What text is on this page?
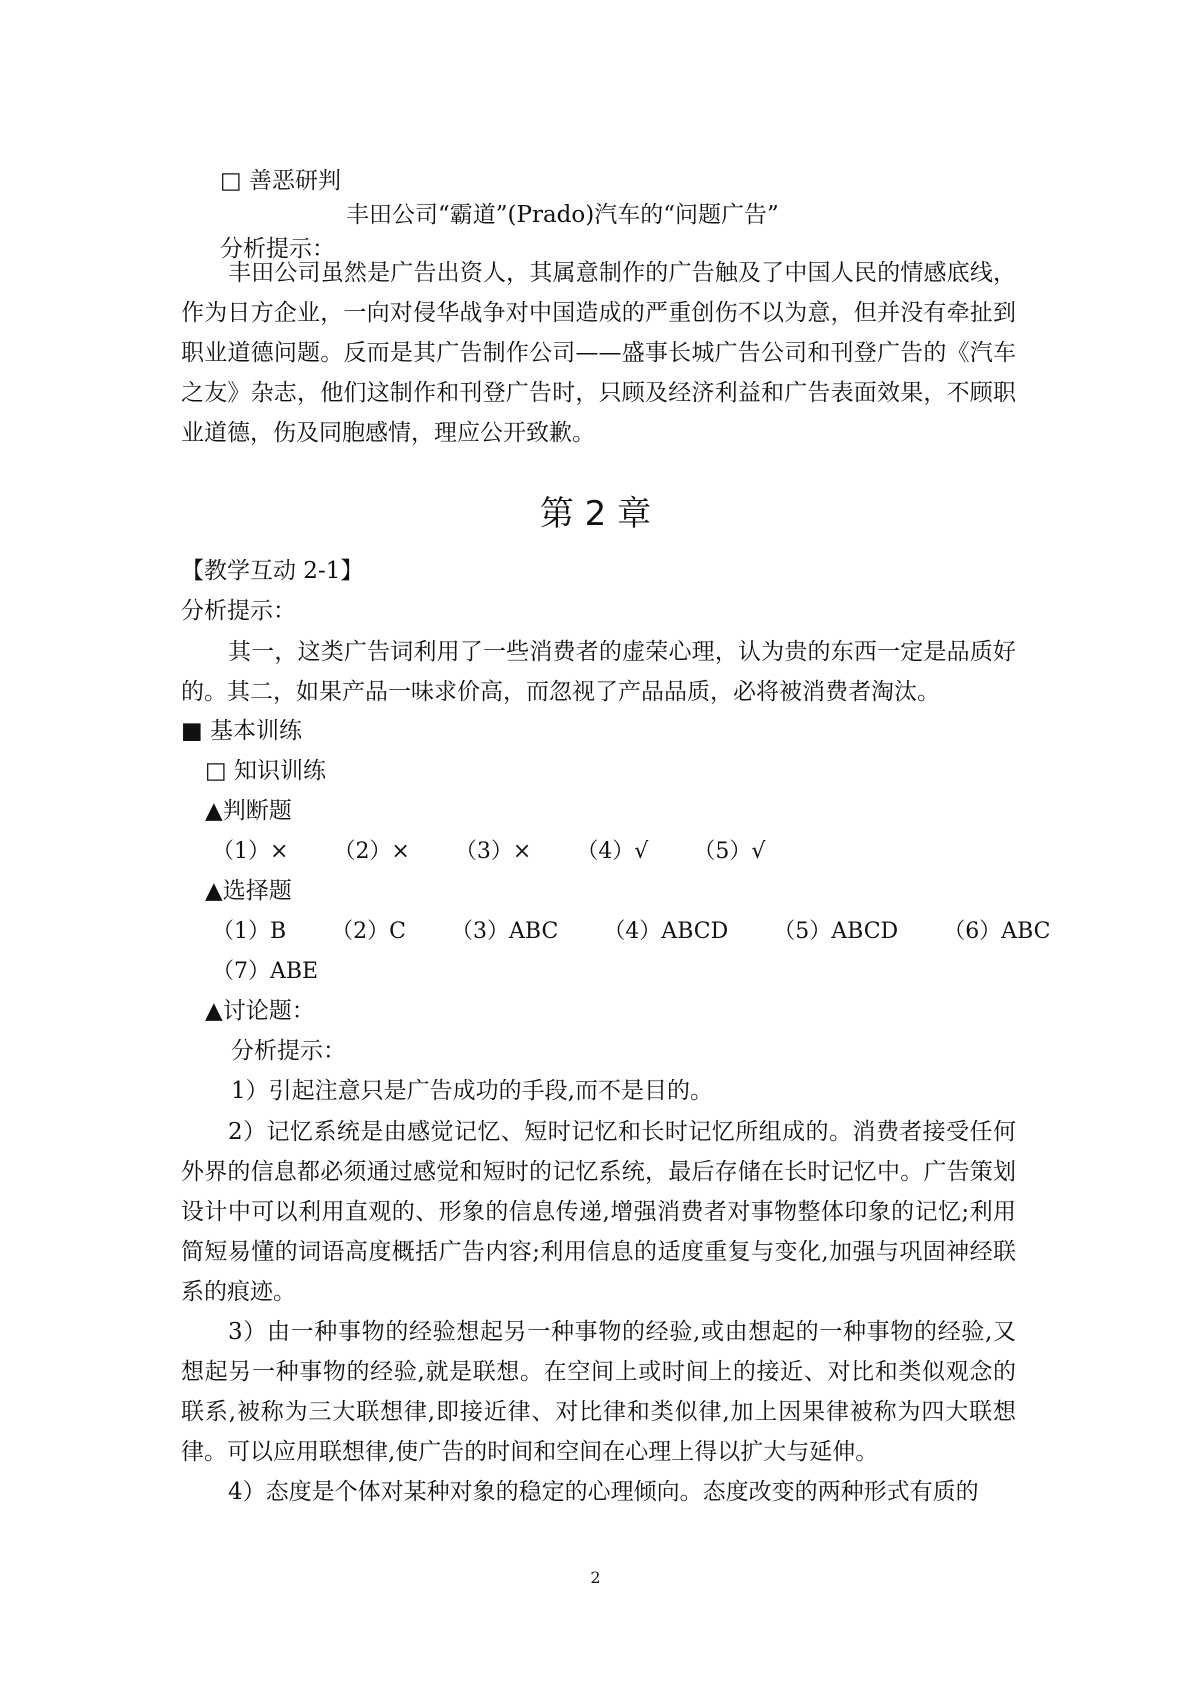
□ 善恶研判
丰田公司“霸道”(Prado)汽车的“问题广告”
分析提示：
丰田公司虽然是广告出资人，其属意制作的广告触及了中国人民的情感底线，作为日方企业，一向对侵华战争对中国造成的严重创伤不以为意，但并没有牵扯到职业道德问题。反而是其广告制作公司——盛事长城广告公司和刊登广告的《汽车之友》杂志，他们这制作和刊登广告时，只顾及经济利益和广告表面效果，不顾职业道德，伤及同胞感情，理应公开致歉。
第 2 章
【教学互动 2-1】
分析提示：
其一，这类广告词利用了一些消费者的虚荣心理，认为贵的东西一定是品质好的。其二，如果产品一味求价高，而忽视了产品品质，必将被消费者淘汰。
■ 基本训练
□ 知识训练
▲判断题
（1）× （2）× （3）× （4）√ （5）√
▲选择题
（1）B （2）C （3）ABC （4）ABCD （5）ABCD （6）ABC
（7）ABE
▲讨论题：
分析提示：
1）引起注意只是广告成功的手段,而不是目的。
2）记忆系统是由感觉记忆、短时记忆和长时记忆所组成的。消费者接受任何外界的信息都必须通过感觉和短时的记忆系统，最后存储在长时记忆中。广告策划设计中可以利用直观的、形象的信息传递,增强消费者对事物整体印象的记忆;利用简短易懂的词语高度概括广告内容;利用信息的适度重复与变化,加强与巩固神经联系的痕迹。
3）由一种事物的经验想起另一种事物的经验,或由想起的一种事物的经验,又想起另一种事物的经验,就是联想。在空间上或时间上的接近、对比和类似观念的联系,被称为三大联想律,即接近律、对比律和类似律,加上因果律被称为四大联想律。可以应用联想律,使广告的时间和空间在心理上得以扩大与延伸。
4）态度是个体对某种对象的稳定的心理倾向。态度改变的两种形式有质的
2
